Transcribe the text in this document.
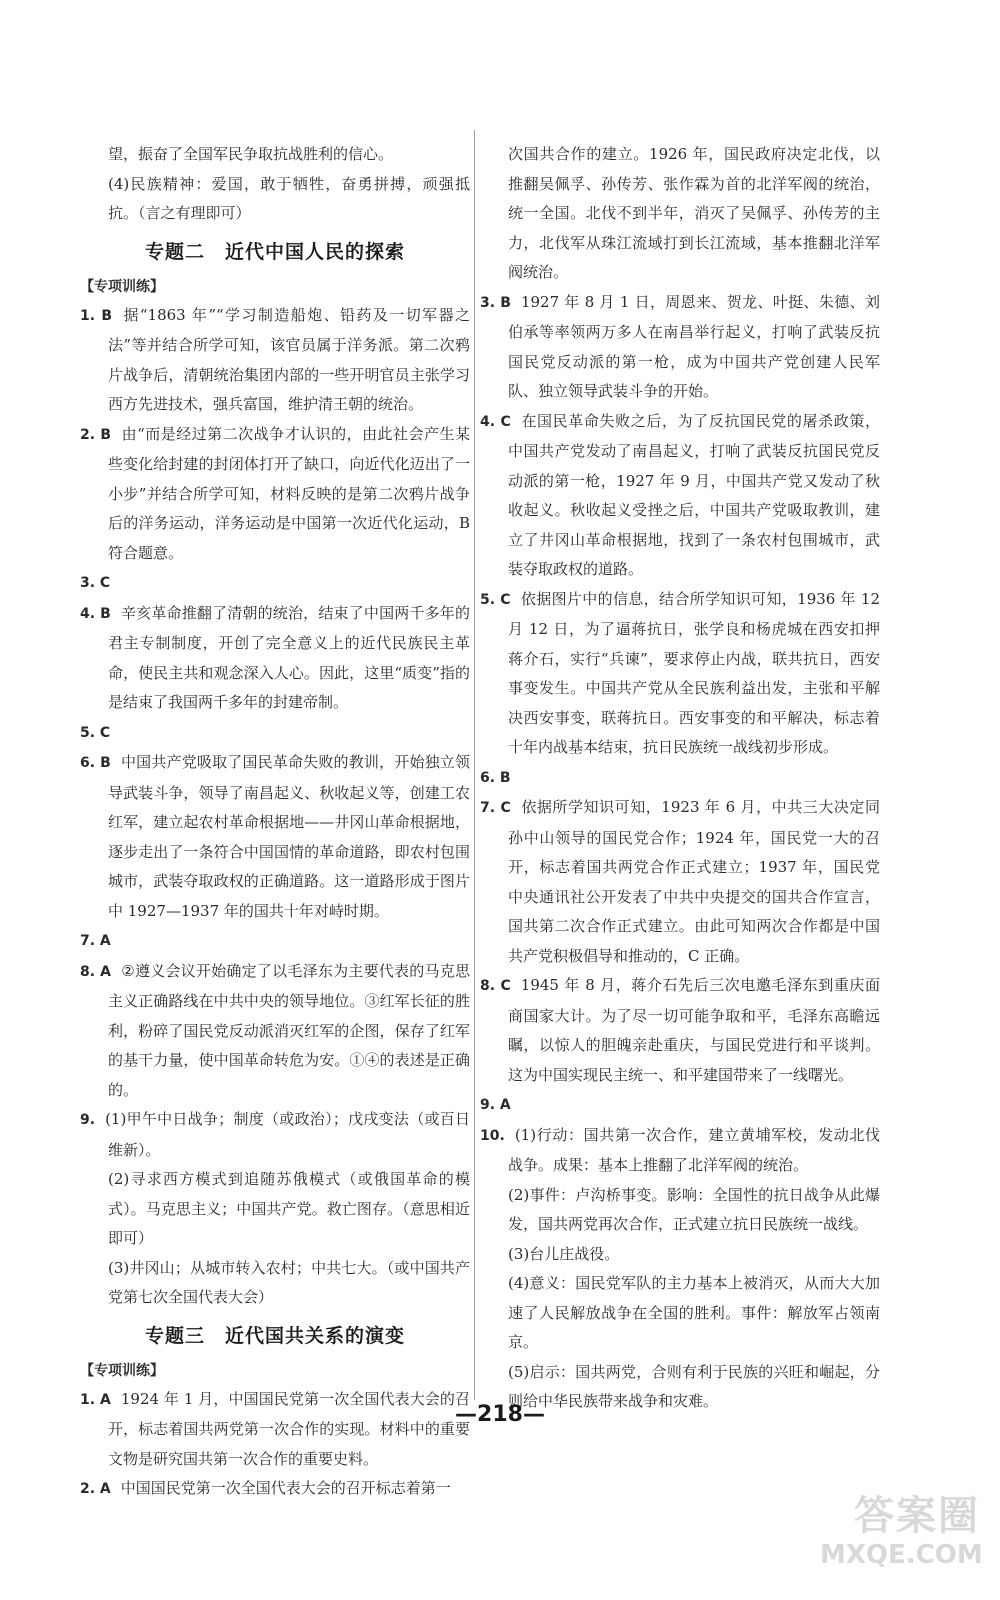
望，振奋了全国军民争取抗战胜利的信心。

(4)民族精神：爱国，敢于牺牲，奋勇拼搏，顽强抵抗。（言之有理即可）

专题二　近代中国人民的探索

【专项训练】

1. B 据“1863 年”“学习制造船炮、铅药及一切军器之法”等并结合所学可知，该官员属于洋务派。第二次鸦片战争后，清朝统治集团内部的一些开明官员主张学习西方先进技术，强兵富国，维护清王朝的统治。

2. B 由“而是经过第二次战争才认识的，由此社会产生某些变化给封建的封闭体打开了缺口，向近代化迈出了一小步”并结合所学可知，材料反映的是第二次鸦片战争后的洋务运动，洋务运动是中国第一次近代化运动，B 符合题意。

3. C

4. B 辛亥革命推翻了清朝的统治，结束了中国两千多年的君主专制制度，开创了完全意义上的近代民族民主革命，使民主共和观念深入人心。因此，这里“质变”指的是结束了我国两千多年的封建帝制。

5. C

6. B 中国共产党吸取了国民革命失败的教训，开始独立领导武装斗争，领导了南昌起义、秋收起义等，创建工农红军，建立起农村革命根据地——井冈山革命根据地，逐步走出了一条符合中国国情的革命道路，即农村包围城市，武装夺取政权的正确道路。这一道路形成于图片中 1927—1937 年的国共十年对峙时期。

7. A

8. A ②遵义会议开始确定了以毛泽东为主要代表的马克思主义正确路线在中共中央的领导地位。③红军长征的胜利，粉碎了国民党反动派消灭红军的企图，保存了红军的基干力量，使中国革命转危为安。①④的表述是正确的。

9. (1)甲午中日战争；制度（或政治）；戊戌变法（或百日维新）。

(2)寻求西方模式到追随苏俄模式（或俄国革命的模式）。马克思主义；中国共产党。救亡图存。（意思相近即可）

(3)井冈山；从城市转入农村；中共七大。（或中国共产党第七次全国代表大会）

专题三　近代国共关系的演变

【专项训练】

1. A 1924 年 1 月，中国国民党第一次全国代表大会的召开，标志着国共两党第一次合作的实现。材料中的重要文物是研究国共第一次合作的重要史料。

2. A 中国国民党第一次全国代表大会的召开标志着第一

次国共合作的建立。1926 年，国民政府决定北伐，以推翻吴佩孚、孙传芳、张作霖为首的北洋军阀的统治，统一全国。北伐不到半年，消灭了吴佩孚、孙传芳的主力，北伐军从珠江流域打到长江流域，基本推翻北洋军阀统治。

3. B 1927 年 8 月 1 日，周恩来、贺龙、叶挺、朱德、刘伯承等率领两万多人在南昌举行起义，打响了武装反抗国民党反动派的第一枪，成为中国共产党创建人民军队、独立领导武装斗争的开始。

4. C 在国民革命失败之后，为了反抗国民党的屠杀政策，中国共产党发动了南昌起义，打响了武装反抗国民党反动派的第一枪，1927 年 9 月，中国共产党又发动了秋收起义。秋收起义受挫之后，中国共产党吸取教训，建立了井冈山革命根据地，找到了一条农村包围城市，武装夺取政权的道路。

5. C 依据图片中的信息，结合所学知识可知，1936 年 12 月 12 日，为了逼蒋抗日，张学良和杨虎城在西安扣押蒋介石，实行“兵谏”，要求停止内战，联共抗日，西安事变发生。中国共产党从全民族利益出发，主张和平解决西安事变，联蒋抗日。西安事变的和平解决，标志着十年内战基本结束，抗日民族统一战线初步形成。

6. B

7. C 依据所学知识可知，1923 年 6 月，中共三大决定同孙中山领导的国民党合作；1924 年，国民党一大的召开，标志着国共两党合作正式建立；1937 年，国民党中央通讯社公开发表了中共中央提交的国共合作宣言，国共第二次合作正式建立。由此可知两次合作都是中国共产党积极倡导和推动的，C 正确。

8. C 1945 年 8 月，蒋介石先后三次电邀毛泽东到重庆面商国家大计。为了尽一切可能争取和平，毛泽东高瞻远瞩，以惊人的胆魄亲赴重庆，与国民党进行和平谈判。这为中国实现民主统一、和平建国带来了一线曙光。

9. A

10. (1)行动：国共第一次合作，建立黄埔军校，发动北伐战争。成果：基本上推翻了北洋军阀的统治。

(2)事件：卢沟桥事变。影响：全国性的抗日战争从此爆发，国共两党再次合作，正式建立抗日民族统一战线。

(3)台儿庄战役。

(4)意义：国民党军队的主力基本上被消灭，从而大大加速了人民解放战争在全国的胜利。事件：解放军占领南京。

(5)启示：国共两党，合则有利于民族的兴旺和崛起，分则给中华民族带来战争和灾难。

—218—
答案圈
MXQE.COM
